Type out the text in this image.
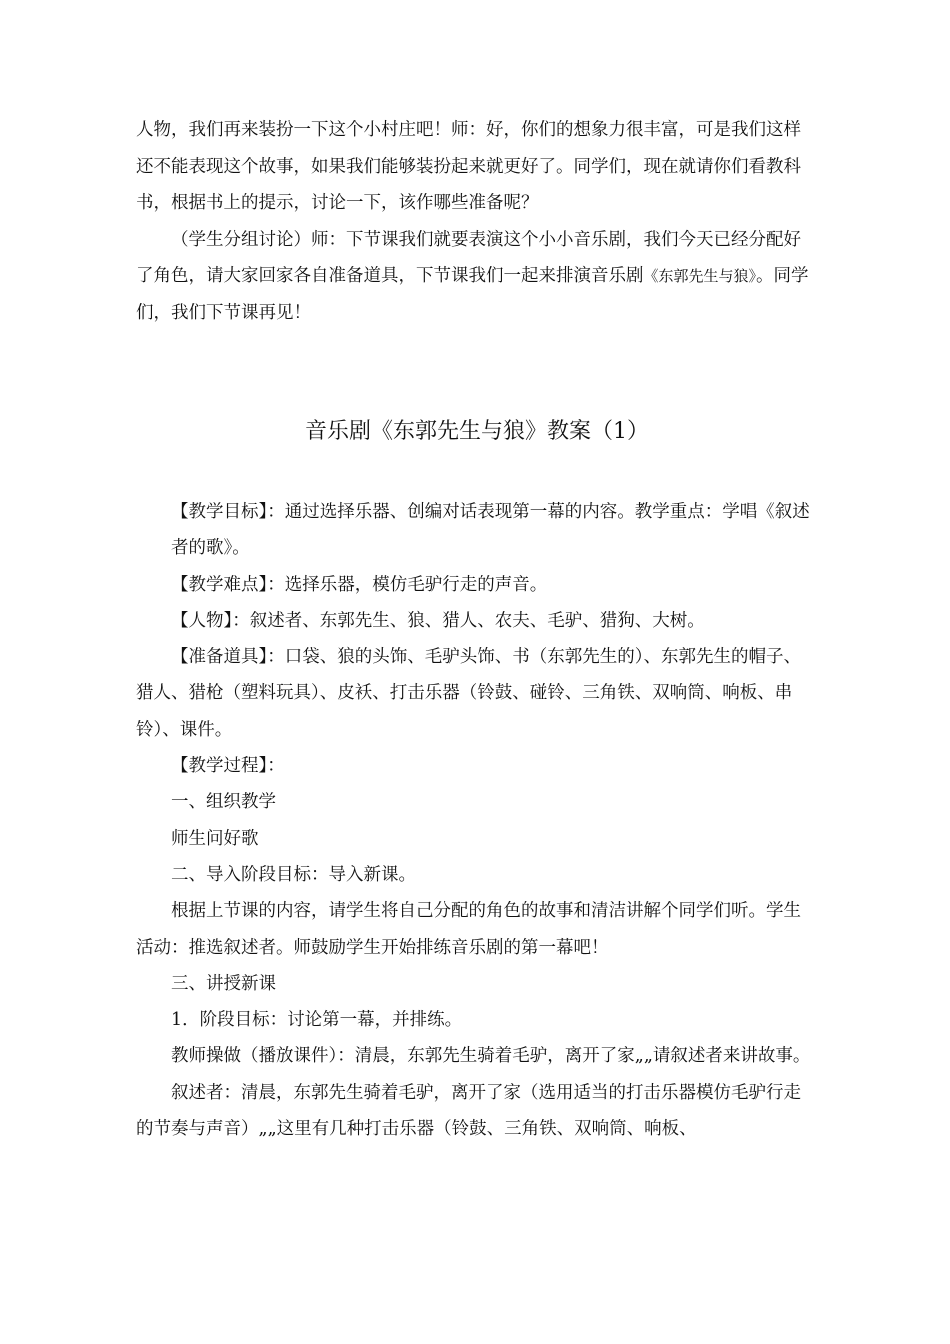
人物，我们再来装扮一下这个小村庄吧！师：好，你们的想象力很丰富，可是我们这样还不能表现这个故事，如果我们能够装扮起来就更好了。同学们，现在就请你们看教科书，根据书上的提示，讨论一下，该作哪些准备呢？

（学生分组讨论）师：下节课我们就要表演这个小小音乐剧，我们今天已经分配好了角色，请大家回家各自准备道具，下节课我们一起来排演音乐剧《东郭先生与狼》。同学们，我们下节课再见！

音乐剧《东郭先生与狼》教案（1）

【教学目标】：通过选择乐器、创编对话表现第一幕的内容。教学重点：学唱《叙述者的歌》。

【教学难点】：选择乐器，模仿毛驴行走的声音。

【人物】：叙述者、东郭先生、狼、猎人、农夫、毛驴、猎狗、大树。

【准备道具】：口袋、狼的头饰、毛驴头饰、书（东郭先生的）、东郭先生的帽子、猎人、猎枪（塑料玩具）、皮袄、打击乐器（铃鼓、碰铃、三角铁、双响筒、响板、串铃）、课件。

【教学过程】：

一、组织教学

师生问好歌

二、导入阶段目标：导入新课。

根据上节课的内容，请学生将自己分配的角色的故事和清洁讲解个同学们听。学生活动：推选叙述者。师鼓励学生开始排练音乐剧的第一幕吧！

三、讲授新课

1．阶段目标：讨论第一幕，并排练。

教师操做（播放课件）：清晨，东郭先生骑着毛驴，离开了家„„请叙述者来讲故事。

叙述者：清晨，东郭先生骑着毛驴，离开了家（选用适当的打击乐器模仿毛驴行走的节奏与声音）„„这里有几种打击乐器（铃鼓、三角铁、双响筒、响板、
